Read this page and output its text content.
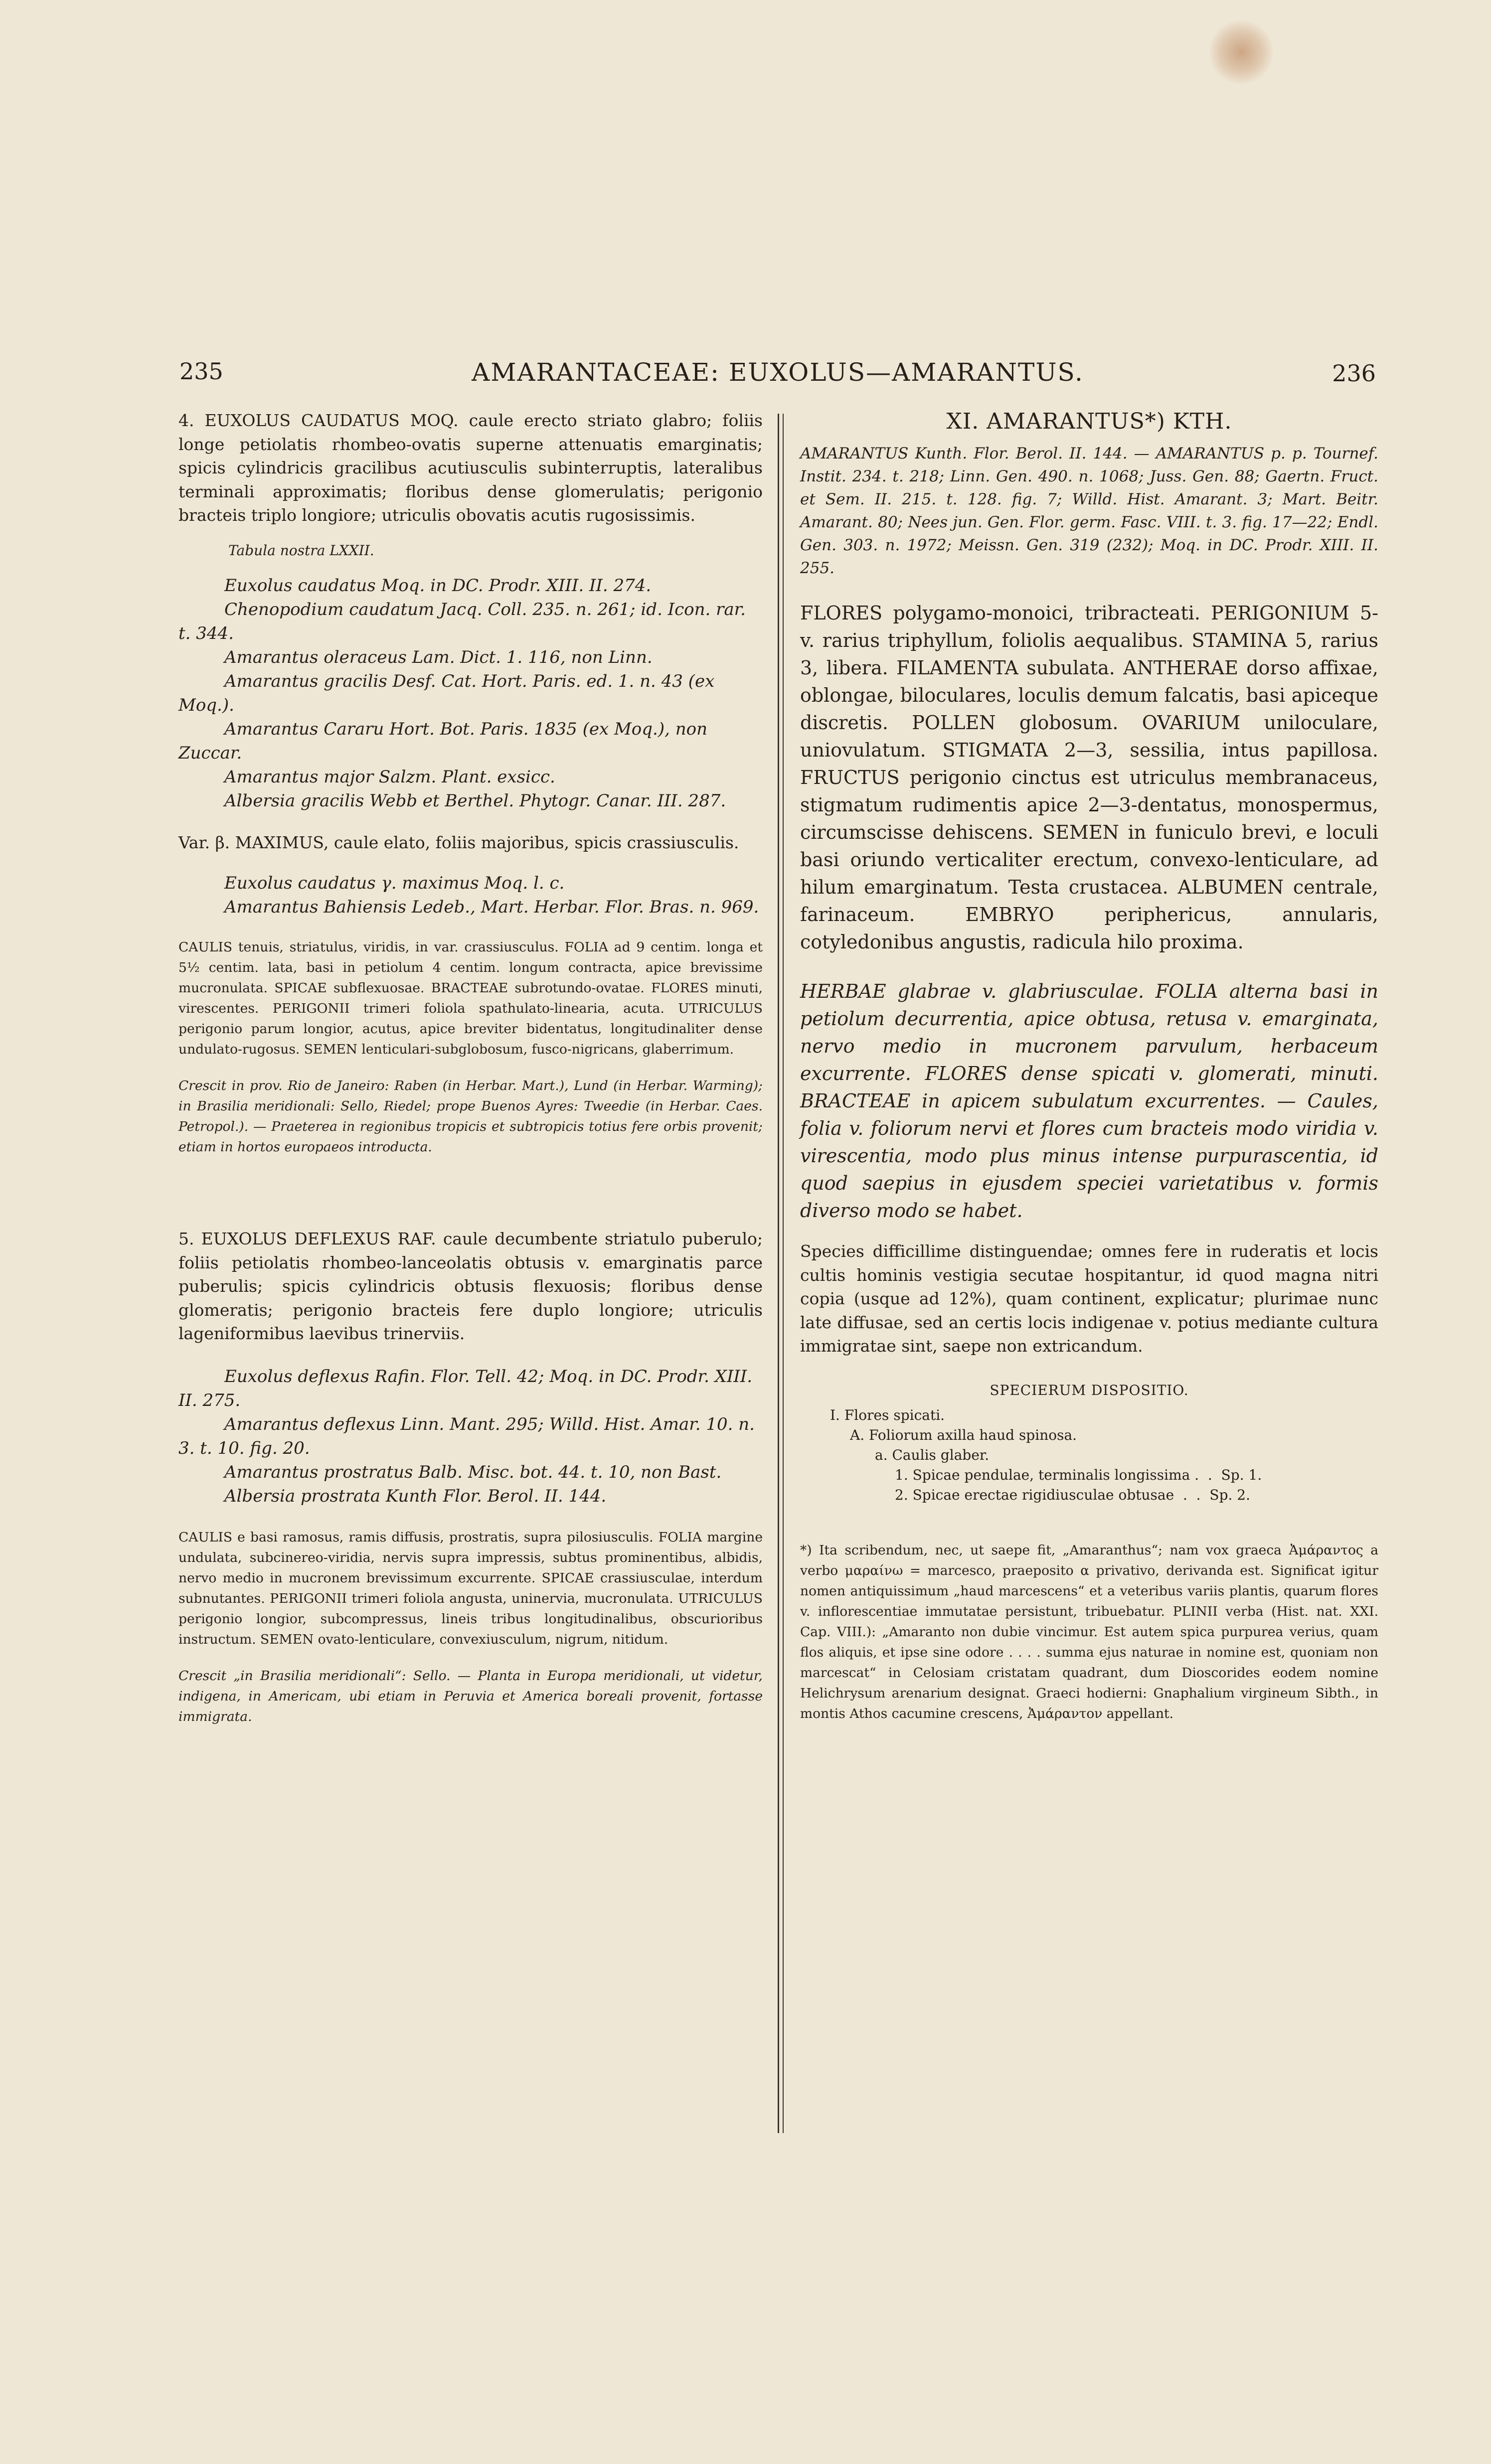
235	AMARANTACEAE: EUXOLUS—AMARANTUS.	236

4. EUXOLUS CAUDATUS MOQ. caule erecto striato glabro; foliis longe petiolatis rhombeo-ovatis superne attenuatis emarginatis; spicis cylindricis gracilibus acutiusculis subinterruptis, lateralibus terminali approximatis; floribus dense glomerulatis; perigonio bracteis triplo longiore; utriculis obovatis acutis rugosissimis.

Tabula nostra LXXII.

Euxolus caudatus Moq. in DC. Prodr. XIII. II. 274.

Chenopodium caudatum Jacq. Coll. 235. n. 261; id. Icon. rar. t. 344.

Amarantus oleraceus Lam. Dict. 1. 116, non Linn.

Amarantus gracilis Desf. Cat. Hort. Paris. ed. 1. n. 43 (ex Moq.).

Amarantus Cararu Hort. Bot. Paris. 1835 (ex Moq.), non Zuccar.

Amarantus major Salzm. Plant. exsicc.

Albersia gracilis Webb et Berthel. Phytogr. Canar. III. 287.

Var. β. MAXIMUS, caule elato, foliis majoribus, spicis crassiusculis.

Euxolus caudatus γ. maximus Moq. l. c.

Amarantus Bahiensis Ledeb., Mart. Herbar. Flor. Bras. n. 969.

CAULIS tenuis, striatulus, viridis, in var. crassiusculus. FOLIA ad 9 centim. longa et 5½ centim. lata, basi in petiolum 4 centim. longum contracta, apice brevissime mucronulata. SPICAE subflexuosae. BRACTEAE subrotundo-ovatae. FLORES minuti, virescentes. PERIGONII trimeri foliola spathulato-linearia, acuta. UTRICULUS perigonio parum longior, acutus, apice breviter bidentatus, longitudinaliter dense undulato-rugosus. SEMEN lenticulari-subglobosum, fusco-nigricans, glaberrimum.

Crescit in prov. Rio de Janeiro: Raben (in Herbar. Mart.), Lund (in Herbar. Warming); in Brasilia meridionali: Sello, Riedel; prope Buenos Ayres: Tweedie (in Herbar. Caes. Petropol.). — Praeterea in regionibus tropicis et subtropicis totius fere orbis provenit; etiam in hortos europaeos introducta.

5. EUXOLUS DEFLEXUS RAF. caule decumbente striatulo puberulo; foliis petiolatis rhombeo-lanceolatis obtusis v. emarginatis parce puberulis; spicis cylindricis obtusis flexuosis; floribus dense glomeratis; perigonio bracteis fere duplo longiore; utriculis lageniformibus laevibus trinerviis.

Euxolus deflexus Rafin. Flor. Tell. 42; Moq. in DC. Prodr. XIII. II. 275.

Amarantus deflexus Linn. Mant. 295; Willd. Hist. Amar. 10. n. 3. t. 10. fig. 20.

Amarantus prostratus Balb. Misc. bot. 44. t. 10, non Bast.

Albersia prostrata Kunth Flor. Berol. II. 144.

CAULIS e basi ramosus, ramis diffusis, prostratis, supra pilosiusculis. FOLIA margine undulata, subcinereo-viridia, nervis supra impressis, subtus prominentibus, albidis, nervo medio in mucronem brevissimum excurrente. SPICAE crassiusculae, interdum subnutantes. PERIGONII trimeri foliola angusta, uninervia, mucronulata. UTRICULUS perigonio longior, subcompressus, lineis tribus longitudinalibus, obscurioribus instructum. SEMEN ovato-lenticulare, convexiusculum, nigrum, nitidum.

Crescit „in Brasilia meridionali“: Sello. — Planta in Europa meridionali, ut videtur, indigena, in Americam, ubi etiam in Peruvia et America boreali provenit, fortasse immigrata.

XI. AMARANTUS*) KTH.

AMARANTUS Kunth. Flor. Berol. II. 144. — AMARANTUS p. p. Tournef. Instit. 234. t. 218; Linn. Gen. 490. n. 1068; Juss. Gen. 88; Gaertn. Fruct. et Sem. II. 215. t. 128. fig. 7; Willd. Hist. Amarant. 3; Mart. Beitr. Amarant. 80; Nees jun. Gen. Flor. germ. Fasc. VIII. t. 3. fig. 17—22; Endl. Gen. 303. n. 1972; Meissn. Gen. 319 (232); Moq. in DC. Prodr. XIII. II. 255.

FLORES polygamo-monoici, tribracteati. PERIGONIUM 5- v. rarius triphyllum, foliolis aequalibus. STAMINA 5, rarius 3, libera. FILAMENTA subulata. ANTHERAE dorso affixae, oblongae, biloculares, loculis demum falcatis, basi apiceque discretis. POLLEN globosum. OVARIUM uniloculare, uniovulatum. STIGMATA 2—3, sessilia, intus papillosa. FRUCTUS perigonio cinctus est utriculus membranaceus, stigmatum rudimentis apice 2—3-dentatus, monospermus, circumscisse dehiscens. SEMEN in funiculo brevi, e loculi basi oriundo verticaliter erectum, convexo-lenticulare, ad hilum emarginatum. Testa crustacea. ALBUMEN centrale, farinaceum. EMBRYO periphericus, annularis, cotyledonibus angustis, radicula hilo proxima.

HERBAE glabrae v. glabriusculae. FOLIA alterna basi in petiolum decurrentia, apice obtusa, retusa v. emarginata, nervo medio in mucronem parvulum, herbaceum excurrente. FLORES dense spicati v. glomerati, minuti. BRACTEAE in apicem subulatum excurrentes. — Caules, folia v. foliorum nervi et flores cum bracteis modo viridia v. virescentia, modo plus minus intense purpurascentia, id quod saepius in ejusdem speciei varietatibus v. formis diverso modo se habet.

Species difficillime distinguendae; omnes fere in ruderatis et locis cultis hominis vestigia secutae hospitantur, id quod magna nitri copia (usque ad 12%), quam continent, explicatur; plurimae nunc late diffusae, sed an certis locis indigenae v. potius mediante cultura immigratae sint, saepe non extricandum.

SPECIERUM DISPOSITIO.

I. Flores spicati.
A. Foliorum axilla haud spinosa.
a. Caulis glaber.
1. Spicae pendulae, terminalis longissima .  .  Sp. 1.
2. Spicae erectae rigidiusculae obtusae  .  .  Sp. 2.

*) Ita scribendum, nec, ut saepe fit, „Amaranthus“; nam vox graeca Ἀμάραντος a verbo μαραίνω = marcesco, praeposito α privativo, derivanda est. Significat igitur nomen antiquissimum „haud marcescens“ et a veteribus variis plantis, quarum flores v. inflorescentiae immutatae persistunt, tribuebatur. PLINII verba (Hist. nat. XXI. Cap. VIII.): „Amaranto non dubie vincimur. Est autem spica purpurea verius, quam flos aliquis, et ipse sine odore . . . . summa ejus naturae in nomine est, quoniam non marcescat“ in Celosiam cristatam quadrant, dum Dioscorides eodem nomine Helichrysum arenarium designat. Graeci hodierni: Gnaphalium virgineum Sibth., in montis Athos cacumine crescens, Ἀμάραντον appellant.
